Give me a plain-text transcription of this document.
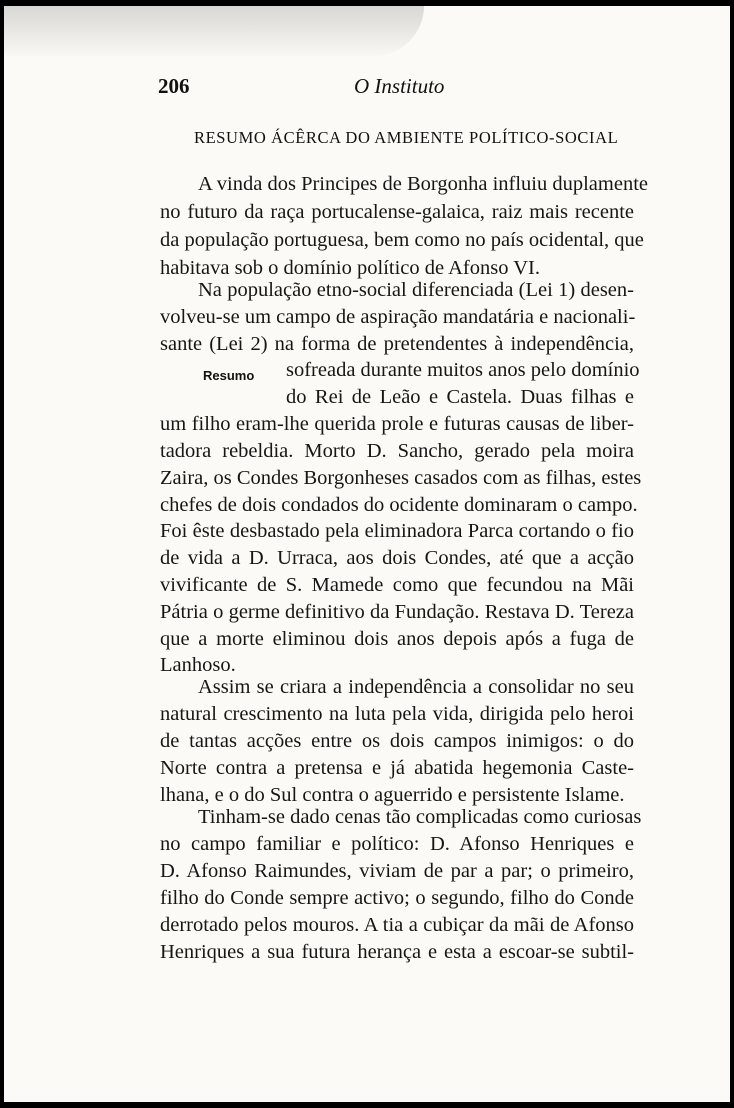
206	O Instituto
RESUMO ÁCÊRCA DO AMBIENTE POLÍTICO-SOCIAL
Resumo
A vinda dos Principes de Borgonha influiu duplamente
no futuro da raça portucalense-galaica, raiz mais recente
da população portuguesa, bem como no país ocidental, que
habitava sob o domínio político de Afonso VI.
Na população etno-social diferenciada (Lei 1) desen-
volveu-se um campo de aspiração mandatária e nacionali-
sante (Lei 2) na forma de pretendentes à independência,
sofreada durante muitos anos pelo domínio
do Rei de Leão e Castela. Duas filhas e
um filho eram-lhe querida prole e futuras causas de liber-
tadora rebeldia. Morto D. Sancho, gerado pela moira
Zaira, os Condes Borgonheses casados com as filhas, estes
chefes de dois condados do ocidente dominaram o campo.
Foi êste desbastado pela eliminadora Parca cortando o fio
de vida a D. Urraca, aos dois Condes, até que a acção
vivificante de S. Mamede como que fecundou na Mãi
Pátria o germe definitivo da Fundação. Restava D. Tereza
que a morte eliminou dois anos depois após a fuga de
Lanhoso.
Assim se criara a independência a consolidar no seu
natural crescimento na luta pela vida, dirigida pelo heroi
de tantas acções entre os dois campos inimigos: o do
Norte contra a pretensa e já abatida hegemonia Caste-
lhana, e o do Sul contra o aguerrido e persistente Islame.
Tinham-se dado cenas tão complicadas como curiosas
no campo familiar e político: D. Afonso Henriques e
D. Afonso Raimundes, viviam de par a par; o primeiro,
filho do Conde sempre activo; o segundo, filho do Conde
derrotado pelos mouros. A tia a cubiçar da mãi de Afonso
Henriques a sua futura herança e esta a escoar-se subtil-
